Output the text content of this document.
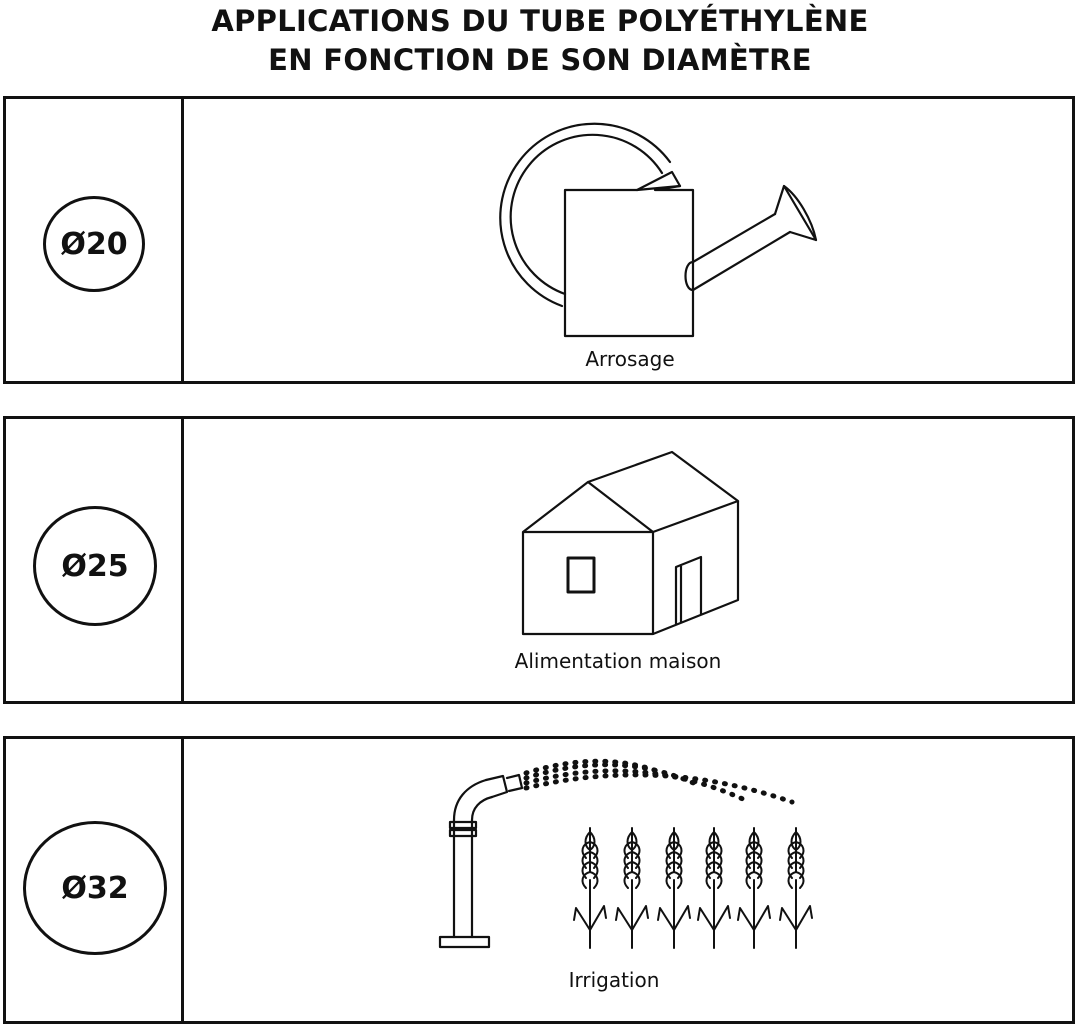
APPLICATIONS DU TUBE POLYÉTHYLÈNE
EN FONCTION DE SON DIAMÈTRE
Ø20
Arrosage
Ø25
Alimentation maison
Ø32
Irrigation
